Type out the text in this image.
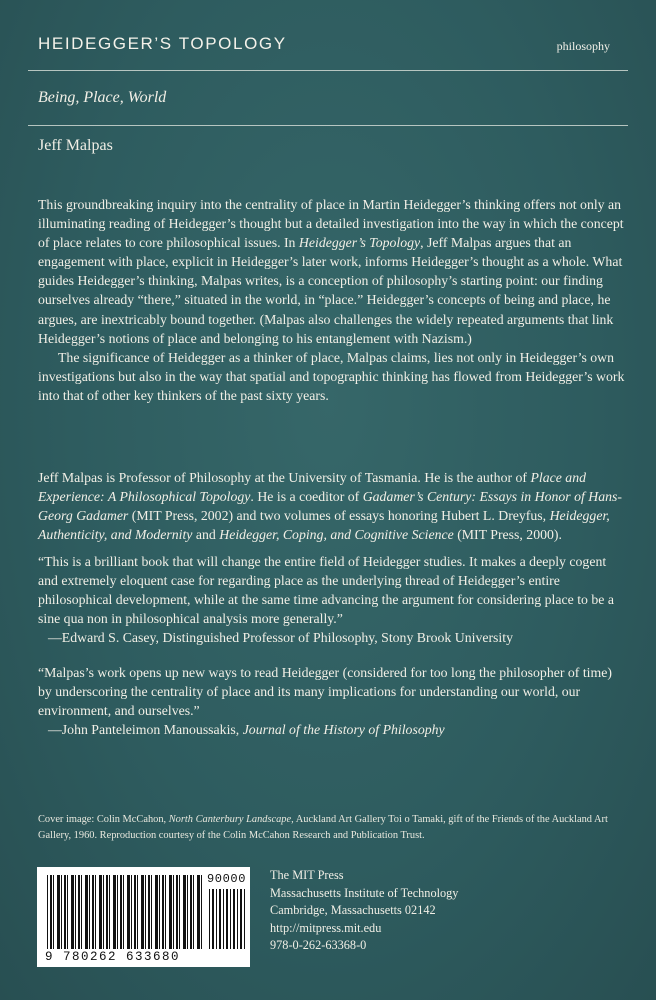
HEIDEGGER’S TOPOLOGY	philosophy
Being, Place, World
Jeff Malpas

This groundbreaking inquiry into the centrality of place in Martin Heidegger’s thinking offers not only an illuminating reading of Heidegger’s thought but a detailed investigation into the way in which the concept of place relates to core philosophical issues. In Heidegger’s Topology, Jeff Malpas argues that an engagement with place, explicit in Heidegger’s later work, informs Heidegger’s thought as a whole. What guides Heidegger’s thinking, Malpas writes, is a conception of philosophy’s starting point: our finding ourselves already “there,” situated in the world, in “place.” Heidegger’s concepts of being and place, he argues, are inextricably bound together. (Malpas also challenges the widely repeated arguments that link Heidegger’s notions of place and belonging to his entanglement with Nazism.)

The significance of Heidegger as a thinker of place, Malpas claims, lies not only in Heidegger’s own investigations but also in the way that spatial and topographic thinking has flowed from Heidegger’s work into that of other key thinkers of the past sixty years.

Jeff Malpas is Professor of Philosophy at the University of Tasmania. He is the author of Place and Experience: A Philosophical Topology. He is a coeditor of Gadamer’s Century: Essays in Honor of Hans-Georg Gadamer (MIT Press, 2002) and two volumes of essays honoring Hubert L. Dreyfus, Heidegger, Authenticity, and Modernity and Heidegger, Coping, and Cognitive Science (MIT Press, 2000).

“This is a brilliant book that will change the entire field of Heidegger studies. It makes a deeply cogent and extremely eloquent case for regarding place as the underlying thread of Heidegger’s entire philosophical development, while at the same time advancing the argument for considering place to be a sine qua non in philosophical analysis more generally.”

—Edward S. Casey, Distinguished Professor of Philosophy, Stony Brook University

“Malpas’s work opens up new ways to read Heidegger (considered for too long the philosopher of time) by underscoring the centrality of place and its many implications for understanding our world, our environment, and ourselves.”

—John Panteleimon Manoussakis, Journal of the History of Philosophy

Cover image: Colin McCahon, North Canterbury Landscape, Auckland Art Gallery Toi o Tamaki, gift of the Friends of the Auckland Art Gallery, 1960. Reproduction courtesy of the Colin McCahon Research and Publication Trust.

9 780262 633680
90000 The MIT Press
Massachusetts Institute of Technology
Cambridge, Massachusetts 02142
http://mitpress.mit.edu
978-0-262-63368-0
